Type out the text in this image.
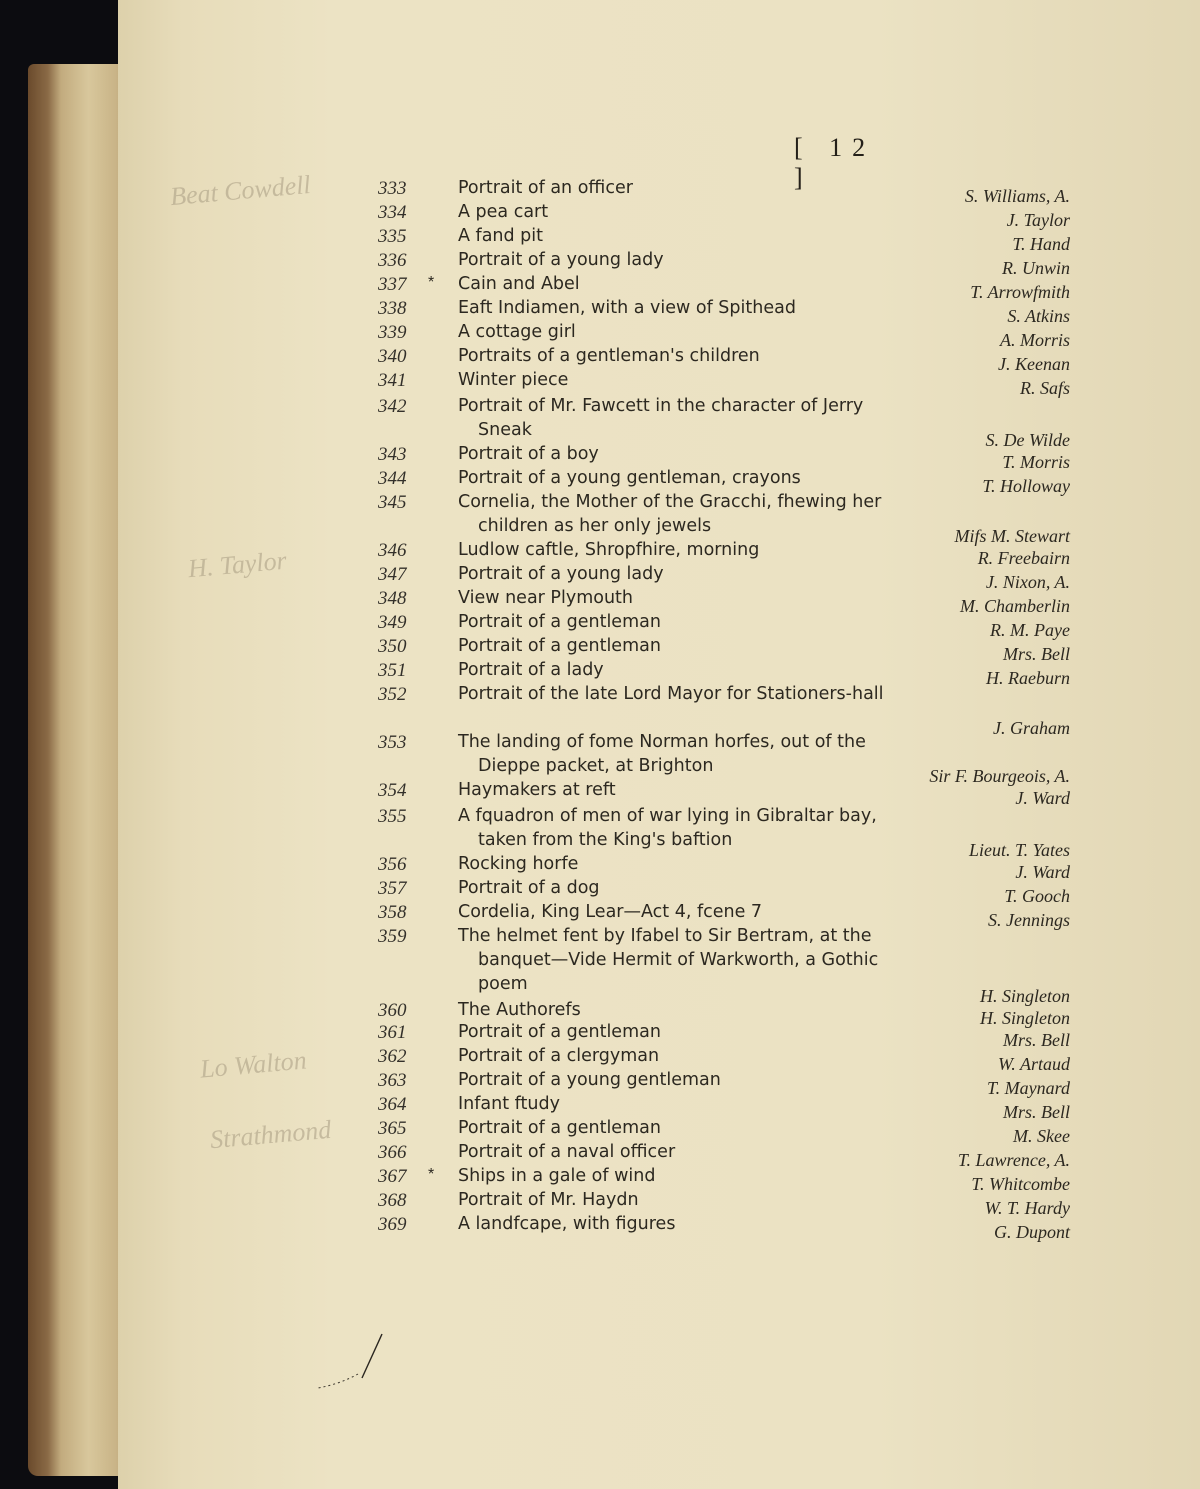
[ 12 ]
Beat Cowdell
H. Taylor
Lo Walton
Strathmond
333	Portrait of an officer	S. Williams, A.
334	A pea cart	J. Taylor
335	A fand pit	T. Hand
336	Portrait of a young lady	R. Unwin
337	* Cain and Abel	T. Arrowfmith
338	Eaft Indiamen, with a view of Spithead	S. Atkins
339	A cottage girl	A. Morris
340	Portraits of a gentleman's children	J. Keenan
341	Winter piece	R. Safs
342	Portrait of Mr. Fawcett in the character of Jerry
Sneak	S. De Wilde
343	Portrait of a boy	T. Morris
344	Portrait of a young gentleman, crayons	T. Holloway
345	Cornelia, the Mother of the Gracchi, fhewing her
children as her only jewels	Mifs M. Stewart
346	Ludlow caftle, Shropfhire, morning	R. Freebairn
347	Portrait of a young lady	J. Nixon, A.
348	View near Plymouth	M. Chamberlin
349	Portrait of a gentleman	R. M. Paye
350	Portrait of a gentleman	Mrs. Bell
351	Portrait of a lady	H. Raeburn
352	Portrait of the late Lord Mayor for Stationers-hall
J. Graham
353	The landing of fome Norman horfes, out of the
Dieppe packet, at Brighton	Sir F. Bourgeois, A.
354	Haymakers at reft	J. Ward
355	A fquadron of men of war lying in Gibraltar bay,
taken from the King's baftion	Lieut. T. Yates
356	Rocking horfe	J. Ward
357	Portrait of a dog	T. Gooch
358	Cordelia, King Lear—Act 4, fcene 7	S. Jennings
359	The helmet fent by Ifabel to Sir Bertram, at the
banquet—Vide Hermit of Warkworth, a Gothic
poem
H. Singleton
360	The Authorefs	H. Singleton
361	Portrait of a gentleman	Mrs. Bell
362	Portrait of a clergyman	W. Artaud
363	Portrait of a young gentleman	T. Maynard
364	Infant ftudy	Mrs. Bell
365	Portrait of a gentleman	M. Skee
366	Portrait of a naval officer	T. Lawrence, A.
367	* Ships in a gale of wind	T. Whitcombe
368	Portrait of Mr. Haydn	W. T. Hardy
369	A landfcape, with figures	G. Dupont
